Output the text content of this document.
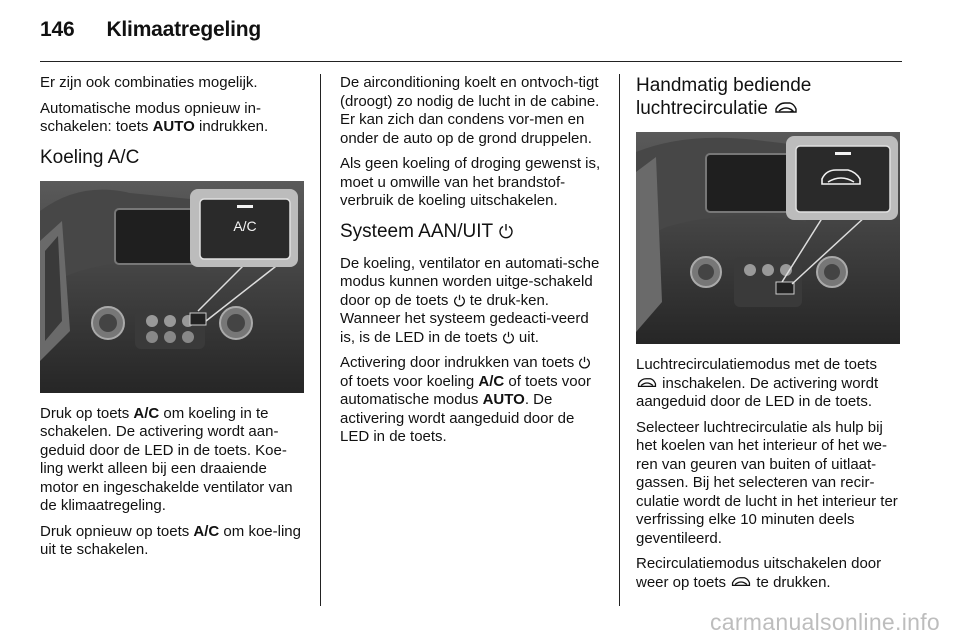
146 Klimaatregeling

Er zijn ook combinaties mogelijk.

Automatische modus opnieuw in-schakelen: toets AUTO indrukken.

Koeling A/C
A/C

Druk op toets A/C om koeling in te schakelen. De activering wordt aan-geduid door de LED in de toets. Koe-ling werkt alleen bij een draaiende motor en ingeschakelde ventilator van de klimaatregeling.

Druk opnieuw op toets A/C om koe-ling uit te schakelen.

De airconditioning koelt en ontvoch-tigt (droogt) zo nodig de lucht in de cabine. Er kan zich dan condens vor-men en onder de auto op de grond druppelen.

Als geen koeling of droging gewenst is, moet u omwille van het brandstof-verbruik de koeling uitschakelen.

Systeem AAN/UIT

De koeling, ventilator en automati-sche modus kunnen worden uitge-schakeld door op de toets
te druk-ken. Wanneer het systeem gedeacti-veerd is, is de LED in de toets
uit.

Activering door indrukken van toets
of toets voor koeling A/C of toets voor automatische modus AUTO. De activering wordt aangeduid door de LED in de toets.

Handmatig bediende luchtrecirculatie

Luchtrecirculatiemodus met de toets
inschakelen. De activering wordt aangeduid door de LED in de toets.

Selecteer luchtrecirculatie als hulp bij het koelen van het interieur of het we-ren van geuren van buiten of uitlaat-gassen. Bij het selecteren van recir-culatie wordt de lucht in het interieur ter verfrissing elke 10 minuten deels geventileerd.

Recirculatiemodus uitschakelen door weer op toets
te drukken.

carmanualsonline.info
